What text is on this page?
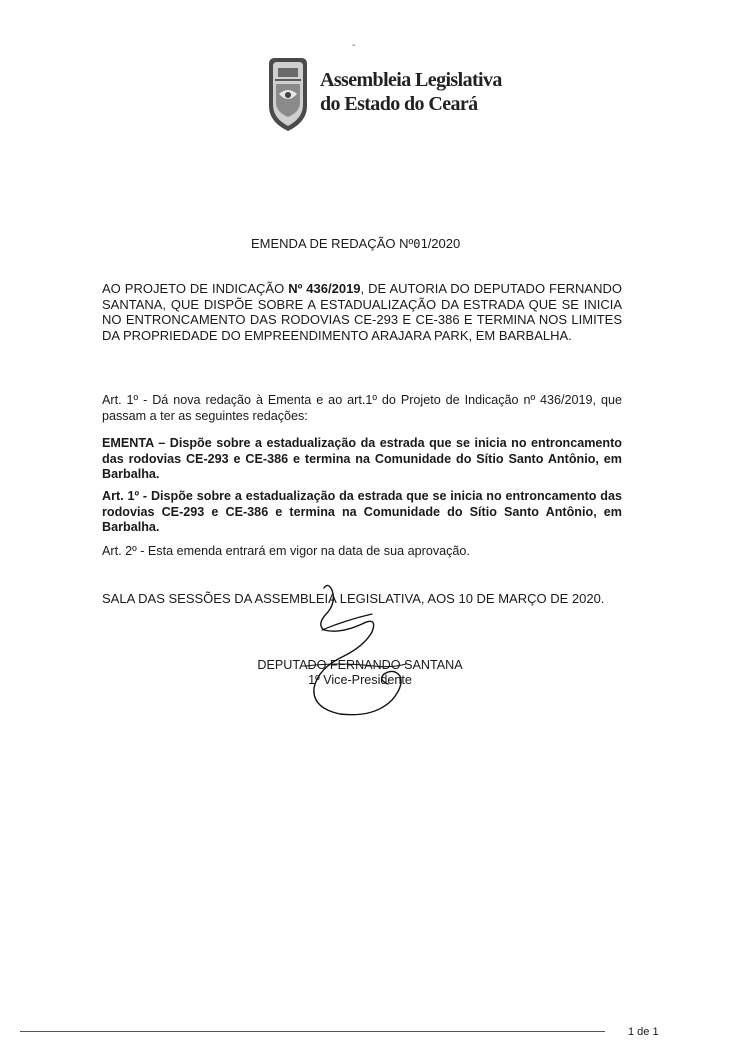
-
Assembleia Legislativa
do Estado do Ceará
EMENDA DE REDAÇÃO Nº01/2020
AO PROJETO DE INDICAÇÃO Nº 436/2019, DE AUTORIA DO DEPUTADO FERNANDO SANTANA, QUE DISPÕE SOBRE A ESTADUALIZAÇÃO DA ESTRADA QUE SE INICIA NO ENTRONCAMENTO DAS RODOVIAS CE-293 E CE-386 E TERMINA NOS LIMITES DA PROPRIEDADE DO EMPREENDIMENTO ARAJARA PARK, EM BARBALHA.
Art. 1º - Dá nova redação à Ementa e ao art.1º do Projeto de Indicação nº 436/2019, que passam a ter as seguintes redações:
EMENTA – Dispõe sobre a estadualização da estrada que se inicia no entroncamento das rodovias CE-293 e CE-386 e termina na Comunidade do Sítio Santo Antônio, em Barbalha.
Art. 1º - Dispõe sobre a estadualização da estrada que se inicia no entroncamento das rodovias CE-293 e CE-386 e termina na Comunidade do Sítio Santo Antônio, em Barbalha.
Art. 2º - Esta emenda entrará em vigor na data de sua aprovação.
SALA DAS SESSÕES DA ASSEMBLEIA LEGISLATIVA, AOS 10 DE MARÇO DE 2020.
DEPUTADO FERNANDO SANTANA
1º Vice-Presidente
1 de 1
